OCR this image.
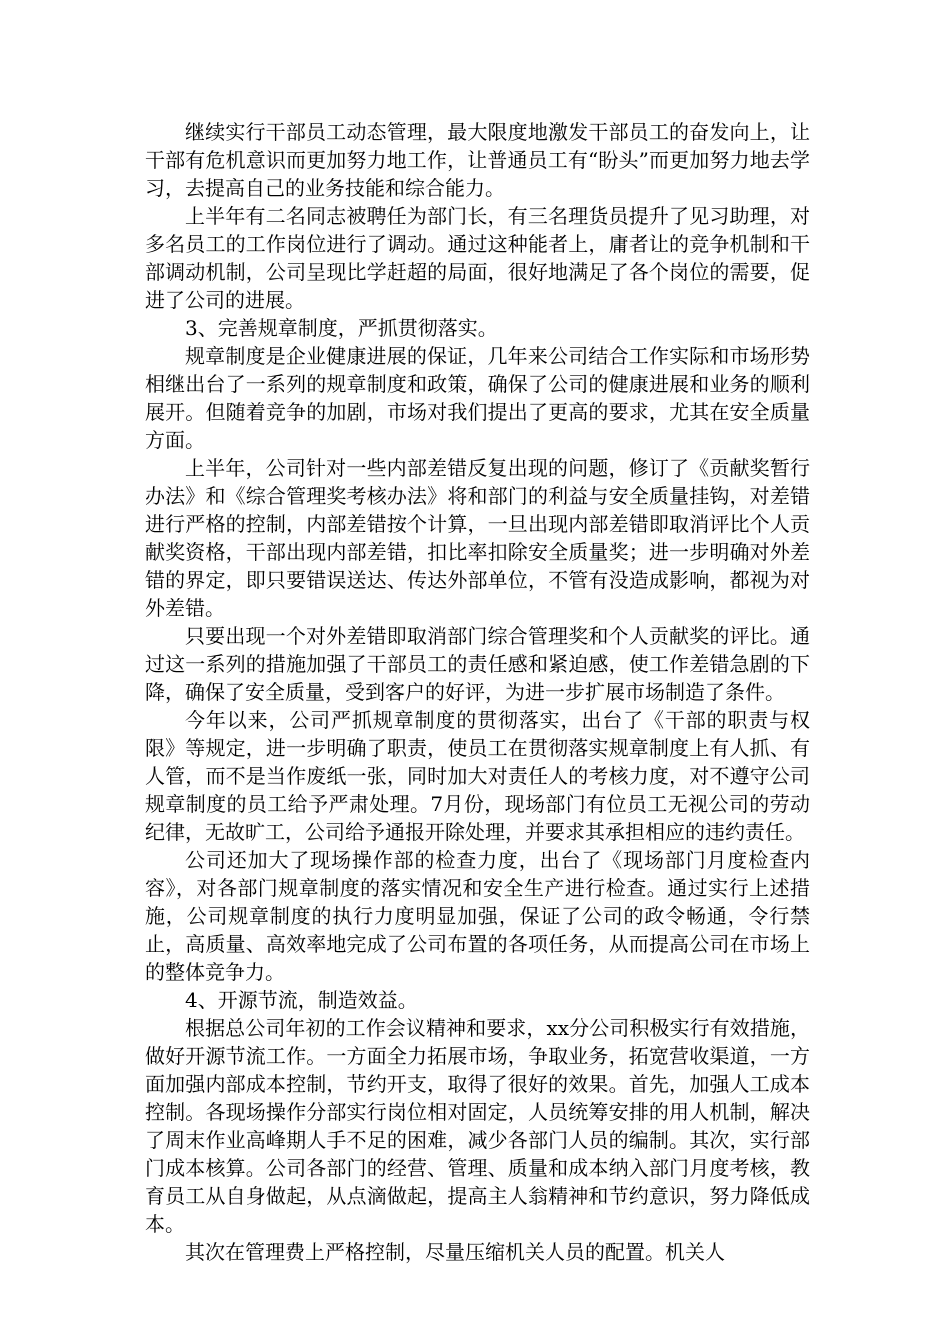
继续实行干部员工动态管理，最大限度地激发干部员工的奋发向上，让干部有危机意识而更加努力地工作，让普通员工有“盼头”而更加努力地去学习，去提高自己的业务技能和综合能力。

上半年有二名同志被聘任为部门长，有三名理货员提升了见习助理，对多名员工的工作岗位进行了调动。通过这种能者上，庸者让的竞争机制和干部调动机制，公司呈现比学赶超的局面，很好地满足了各个岗位的需要，促进了公司的进展。

3、完善规章制度，严抓贯彻落实。

规章制度是企业健康进展的保证，几年来公司结合工作实际和市场形势相继出台了一系列的规章制度和政策，确保了公司的健康进展和业务的顺利展开。但随着竞争的加剧，市场对我们提出了更高的要求，尤其在安全质量方面。

上半年，公司针对一些内部差错反复出现的问题，修订了《贡献奖暂行办法》和《综合管理奖考核办法》将和部门的利益与安全质量挂钩，对差错进行严格的控制，内部差错按个计算，一旦出现内部差错即取消评比个人贡献奖资格，干部出现内部差错，扣比率扣除安全质量奖；进一步明确对外差错的界定，即只要错误送达、传达外部单位，不管有没造成影响，都视为对外差错。

只要出现一个对外差错即取消部门综合管理奖和个人贡献奖的评比。通过这一系列的措施加强了干部员工的责任感和紧迫感，使工作差错急剧的下降，确保了安全质量，受到客户的好评，为进一步扩展市场制造了条件。

今年以来，公司严抓规章制度的贯彻落实，出台了《干部的职责与权限》等规定，进一步明确了职责，使员工在贯彻落实规章制度上有人抓、有人管，而不是当作废纸一张，同时加大对责任人的考核力度，对不遵守公司规章制度的员工给予严肃处理。7月份，现场部门有位员工无视公司的劳动纪律，无故旷工，公司给予通报开除处理，并要求其承担相应的违约责任。

公司还加大了现场操作部的检查力度，出台了《现场部门月度检查内容》，对各部门规章制度的落实情况和安全生产进行检查。通过实行上述措施，公司规章制度的执行力度明显加强，保证了公司的政令畅通，令行禁止，高质量、高效率地完成了公司布置的各项任务，从而提高公司在市场上的整体竞争力。

4、开源节流，制造效益。

根据总公司年初的工作会议精神和要求，xx分公司积极实行有效措施，做好开源节流工作。一方面全力拓展市场，争取业务，拓宽营收渠道，一方面加强内部成本控制，节约开支，取得了很好的效果。首先，加强人工成本控制。各现场操作分部实行岗位相对固定，人员统筹安排的用人机制，解决了周末作业高峰期人手不足的困难，减少各部门人员的编制。其次，实行部门成本核算。公司各部门的经营、管理、质量和成本纳入部门月度考核，教育员工从自身做起，从点滴做起，提高主人翁精神和节约意识，努力降低成本。

其次在管理费上严格控制，尽量压缩机关人员的配置。机关人
